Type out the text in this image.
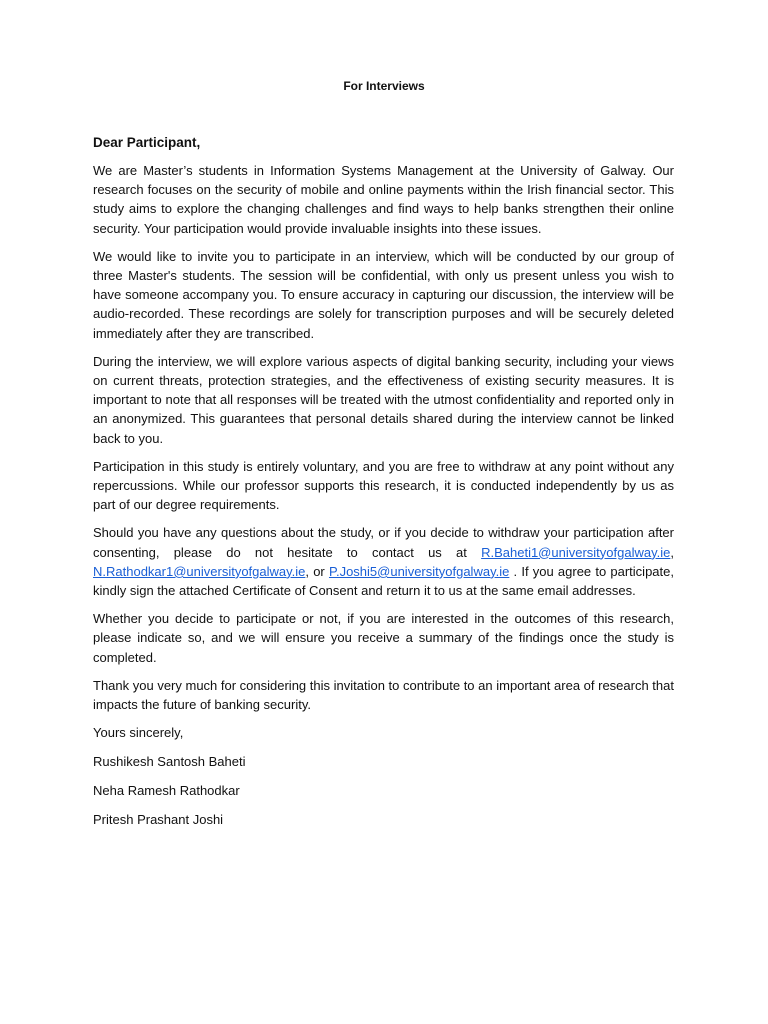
For Interviews
Dear Participant,

We are Master’s students in Information Systems Management at the University of Galway. Our research focuses on the security of mobile and online payments within the Irish financial sector. This study aims to explore the changing challenges and find ways to help banks strengthen their online security. Your participation would provide invaluable insights into these issues.

We would like to invite you to participate in an interview, which will be conducted by our group of three Master's students. The session will be confidential, with only us present unless you wish to have someone accompany you. To ensure accuracy in capturing our discussion, the interview will be audio-recorded. These recordings are solely for transcription purposes and will be securely deleted immediately after they are transcribed.

During the interview, we will explore various aspects of digital banking security, including your views on current threats, protection strategies, and the effectiveness of existing security measures. It is important to note that all responses will be treated with the utmost confidentiality and reported only in an anonymized. This guarantees that personal details shared during the interview cannot be linked back to you.

Participation in this study is entirely voluntary, and you are free to withdraw at any point without any repercussions. While our professor supports this research, it is conducted independently by us as part of our degree requirements.

Should you have any questions about the study, or if you decide to withdraw your participation after consenting, please do not hesitate to contact us at R.Baheti1@universityofgalway.ie, N.Rathodkar1@universityofgalway.ie, or P.Joshi5@universityofgalway.ie . If you agree to participate, kindly sign the attached Certificate of Consent and return it to us at the same email addresses.

Whether you decide to participate or not, if you are interested in the outcomes of this research, please indicate so, and we will ensure you receive a summary of the findings once the study is completed.

Thank you very much for considering this invitation to contribute to an important area of research that impacts the future of banking security.

Yours sincerely,
Rushikesh Santosh Baheti
Neha Ramesh Rathodkar
Pritesh Prashant Joshi
